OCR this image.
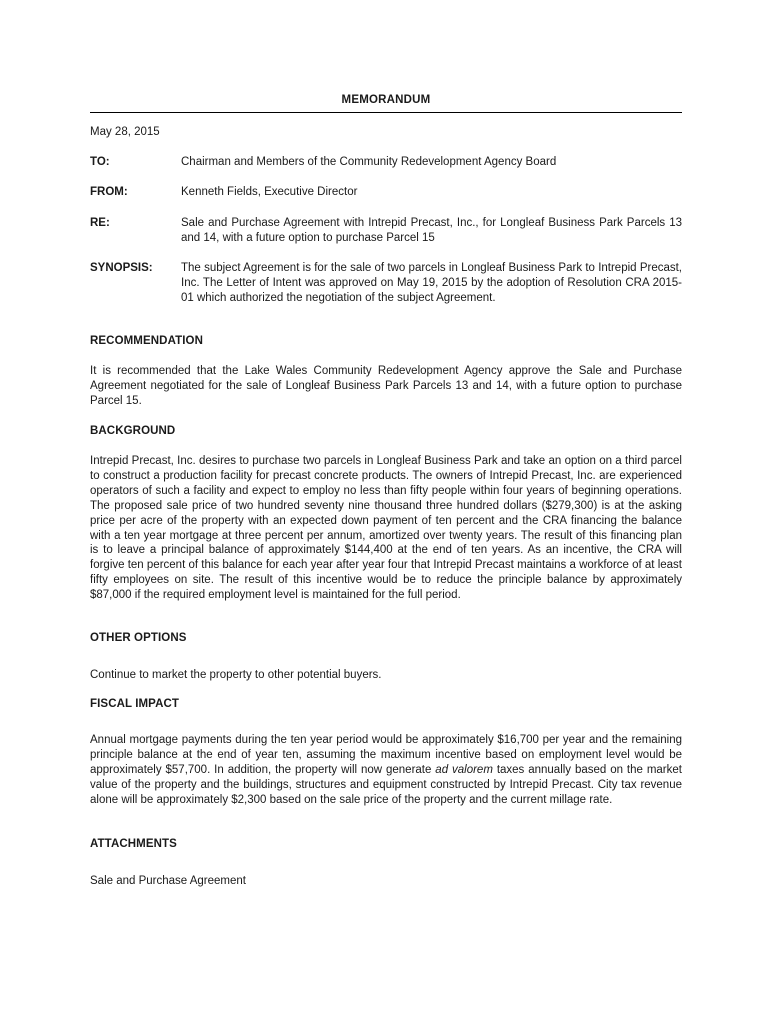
MEMORANDUM
May 28, 2015
TO:	Chairman and Members of the Community Redevelopment Agency Board
FROM:	Kenneth Fields, Executive Director
RE:	Sale and Purchase Agreement with Intrepid Precast, Inc., for Longleaf Business Park Parcels 13 and 14, with a future option to purchase Parcel 15
SYNOPSIS: The subject Agreement is for the sale of two parcels in Longleaf Business Park to Intrepid Precast, Inc. The Letter of Intent was approved on May 19, 2015 by the adoption of Resolution CRA 2015-01 which authorized the negotiation of the subject Agreement.
RECOMMENDATION
It is recommended that the Lake Wales Community Redevelopment Agency approve the Sale and Purchase Agreement negotiated for the sale of Longleaf Business Park Parcels 13 and 14, with a future option to purchase Parcel 15.
BACKGROUND
Intrepid Precast, Inc. desires to purchase two parcels in Longleaf Business Park and take an option on a third parcel to construct a production facility for precast concrete products. The owners of Intrepid Precast, Inc. are experienced operators of such a facility and expect to employ no less than fifty people within four years of beginning operations. The proposed sale price of two hundred seventy nine thousand three hundred dollars ($279,300) is at the asking price per acre of the property with an expected down payment of ten percent and the CRA financing the balance with a ten year mortgage at three percent per annum, amortized over twenty years. The result of this financing plan is to leave a principal balance of approximately $144,400 at the end of ten years. As an incentive, the CRA will forgive ten percent of this balance for each year after year four that Intrepid Precast maintains a workforce of at least fifty employees on site. The result of this incentive would be to reduce the principle balance by approximately $87,000 if the required employment level is maintained for the full period.
OTHER OPTIONS
Continue to market the property to other potential buyers.
FISCAL IMPACT
Annual mortgage payments during the ten year period would be approximately $16,700 per year and the remaining principle balance at the end of year ten, assuming the maximum incentive based on employment level would be approximately $57,700. In addition, the property will now generate ad valorem taxes annually based on the market value of the property and the buildings, structures and equipment constructed by Intrepid Precast. City tax revenue alone will be approximately $2,300 based on the sale price of the property and the current millage rate.
ATTACHMENTS
Sale and Purchase Agreement
